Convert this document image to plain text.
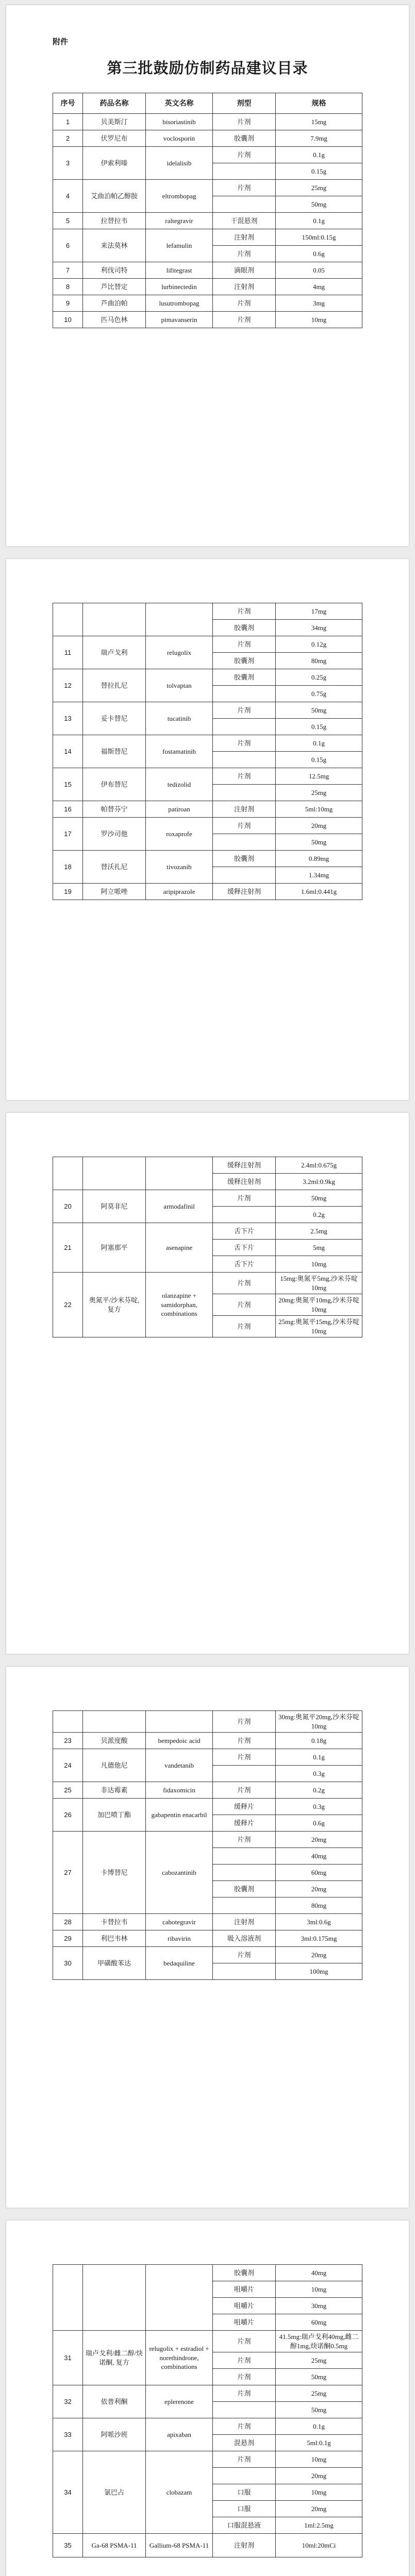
附件
第三批鼓励仿制药品建议目录
序号	药品名称	英文名称	剂型	规格
1	贝美斯汀	bisoriastinib	片剂	15mg
2	伏罗尼布	voclosporin	胶囊剂	7.9mg
3	伊索利嗪	idelalisib	片剂	0.1g
				0.15g
4	艾曲泊帕乙醇胺	eltrombopag	片剂	25mg
				50mg
5	拉替拉韦	raltegravir	干混悬剂	0.1g
6	来法莫林	lefamulin	注射剂	150ml:0.15g
			片剂	0.6g
7	利伐司特	lifitegrast	滴眼剂	0.05
8	芦比替定	lurbinectedin	注射剂	4mg
9	芦曲泊帕	lusutrombopag	片剂	3mg
10	匹马色林	pimavanserin	片剂	10mg
			片剂	17mg
			胶囊剂	34mg
11	瑞卢戈利	relugolix	片剂	0.12g
			胶囊剂	80mg
12	替拉扎尼	tolvaptan	胶囊剂	0.25g
				0.75g
13	妥卡替尼	tucatinib	片剂	50mg
				0.15g
14	福斯替尼	fostamatinib	片剂	0.1g
				0.15g
15	伊布替尼	tedizolid	片剂	12.5mg
				25mg
16	帕替芬宁	patiroan	注射剂	5ml:10mg
17	罗沙司他	roxaprofe	片剂	20mg
				50mg
18	替沃扎尼	tivozanib	胶囊剂	0.89mg
				1.34mg
19	阿立哌唑	aripiprazole	缓释注射剂	1.6ml:0.441g
			缓释注射剂	2.4ml:0.675g
			缓释注射剂	3.2ml:0.9kg
20	阿莫非尼	armodafinil	片剂	50mg
				0.2g
21	阿塞那平	asenapine	舌下片	2.5mg
			舌下片	5mg
			舌下片	10mg
22	奥氮平/沙米芬啶, 复方	olanzapine + samidorphan, combinations	片剂	15mg:奥氮平5mg,沙米芬啶10mg
			片剂	20mg:奥氮平10mg,沙米芬啶10mg
			片剂	25mg:奥氮平15mg,沙米芬啶10mg
			片剂	30mg:奥氮平20mg,沙米芬啶10mg
23	贝派度酸	bempedoic acid	片剂	0.18g
24	凡德他尼	vandetanib	片剂	0.1g
				0.3g
25	非达霉素	fidaxomicin	片剂	0.2g
26	加巴喷丁酯	gabapentin enacarbil	缓释片	0.3g
			缓释片	0.6g
27	卡博替尼	cabozantinib	片剂	20mg
				40mg
				60mg
			胶囊剂	20mg
				80mg
28	卡替拉韦	cabotegravir	注射剂	3ml:0.6g
29	利巴韦林	ribavirin	吸入溶液剂	3ml:0.175mg
30	甲磺酸苯达	bedaquiline	片剂	20mg
				100mg
			胶囊剂	40mg
			咀嚼片	10mg
			咀嚼片	30mg
			咀嚼片	60mg
31	瑞卢戈利/雌二醇/炔诺酮, 复方	relugolix + estradiol + norethindrone, combinations	片剂	41.5mg:瑞卢戈利40mg,雌二醇1mg,炔诺酮0.5mg
			片剂	25mg
			片剂	50mg
32	依普利酮	eplerenone	片剂	25mg
				50mg
33	阿哌沙班	apixaban	片剂	0.1g
			混悬剂	5ml:0.1g
34	氯巴占	clobazam	片剂	10mg
				20mg
			口服	10mg
			口服	20mg
			口服混悬液	1ml:2.5mg
35	Ga-68 PSMA-11	Gallium-68 PSMA-11	注射剂	10ml:20mCi
